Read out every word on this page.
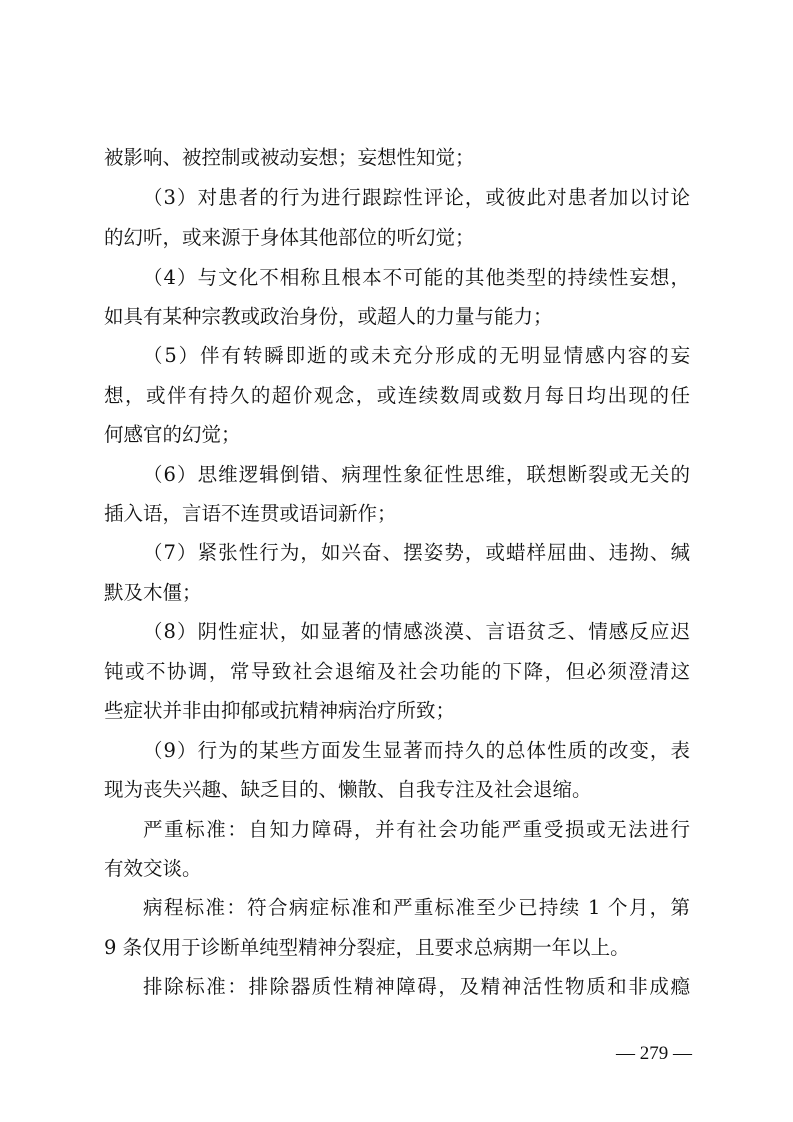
被影响、被控制或被动妄想；妄想性知觉；
（3）对患者的行为进行跟踪性评论，或彼此对患者加以讨论
的幻听，或来源于身体其他部位的听幻觉；
（4）与文化不相称且根本不可能的其他类型的持续性妄想，
如具有某种宗教或政治身份，或超人的力量与能力；
（5）伴有转瞬即逝的或未充分形成的无明显情感内容的妄
想，或伴有持久的超价观念，或连续数周或数月每日均出现的任
何感官的幻觉；
（6）思维逻辑倒错、病理性象征性思维，联想断裂或无关的
插入语，言语不连贯或语词新作；
（7）紧张性行为，如兴奋、摆姿势，或蜡样屈曲、违拗、缄
默及木僵；
（8）阴性症状，如显著的情感淡漠、言语贫乏、情感反应迟
钝或不协调，常导致社会退缩及社会功能的下降，但必须澄清这
些症状并非由抑郁或抗精神病治疗所致；
（9）行为的某些方面发生显著而持久的总体性质的改变，表
现为丧失兴趣、缺乏目的、懒散、自我专注及社会退缩。
严重标准：自知力障碍，并有社会功能严重受损或无法进行
有效交谈。
病程标准：符合病症标准和严重标准至少已持续 1 个月，第
9 条仅用于诊断单纯型精神分裂症，且要求总病期一年以上。
排除标准：排除器质性精神障碍，及精神活性物质和非成瘾
— 279 —
